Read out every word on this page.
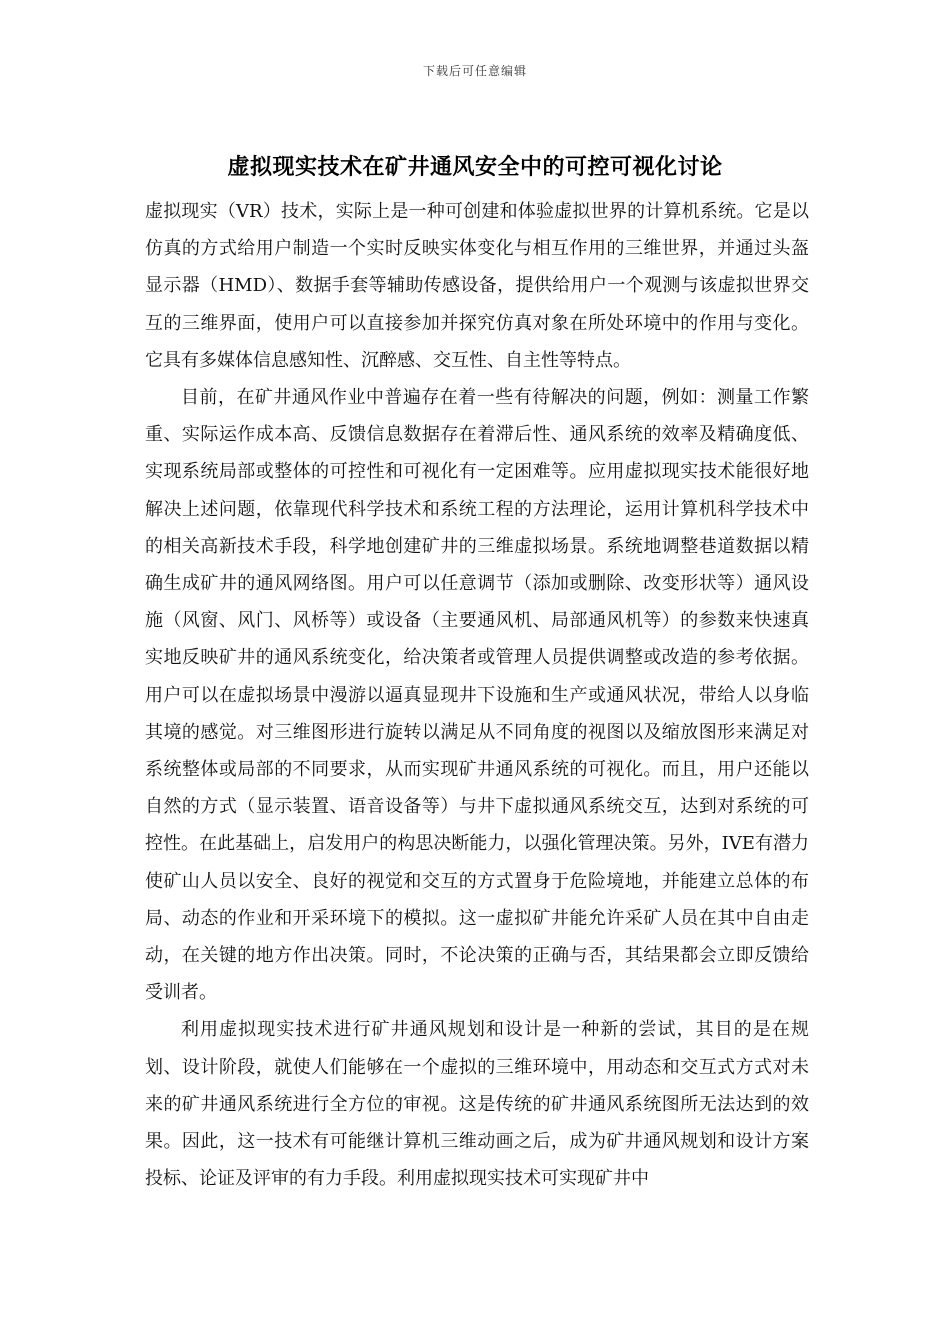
下载后可任意编辑
虚拟现实技术在矿井通风安全中的可控可视化讨论

虚拟现实（VR）技术，实际上是一种可创建和体验虚拟世界的计算机系统。它是以仿真的方式给用户制造一个实时反映实体变化与相互作用的三维世界，并通过头盔显示器（HMD）、数据手套等辅助传感设备，提供给用户一个观测与该虚拟世界交互的三维界面，使用户可以直接参加并探究仿真对象在所处环境中的作用与变化。它具有多媒体信息感知性、沉醉感、交互性、自主性等特点。

目前，在矿井通风作业中普遍存在着一些有待解决的问题，例如：测量工作繁重、实际运作成本高、反馈信息数据存在着滞后性、通风系统的效率及精确度低、实现系统局部或整体的可控性和可视化有一定困难等。应用虚拟现实技术能很好地解决上述问题，依靠现代科学技术和系统工程的方法理论，运用计算机科学技术中的相关高新技术手段，科学地创建矿井的三维虚拟场景。系统地调整巷道数据以精确生成矿井的通风网络图。用户可以任意调节（添加或删除、改变形状等）通风设施（风窗、风门、风桥等）或设备（主要通风机、局部通风机等）的参数来快速真实地反映矿井的通风系统变化，给决策者或管理人员提供调整或改造的参考依据。用户可以在虚拟场景中漫游以逼真显现井下设施和生产或通风状况，带给人以身临其境的感觉。对三维图形进行旋转以满足从不同角度的视图以及缩放图形来满足对系统整体或局部的不同要求，从而实现矿井通风系统的可视化。而且，用户还能以自然的方式（显示装置、语音设备等）与井下虚拟通风系统交互，达到对系统的可控性。在此基础上，启发用户的构思决断能力，以强化管理决策。另外，IVE有潜力使矿山人员以安全、良好的视觉和交互的方式置身于危险境地，并能建立总体的布局、动态的作业和开采环境下的模拟。这一虚拟矿井能允许采矿人员在其中自由走动，在关键的地方作出决策。同时，不论决策的正确与否，其结果都会立即反馈给受训者。

利用虚拟现实技术进行矿井通风规划和设计是一种新的尝试，其目的是在规划、设计阶段，就使人们能够在一个虚拟的三维环境中，用动态和交互式方式对未来的矿井通风系统进行全方位的审视。这是传统的矿井通风系统图所无法达到的效果。因此，这一技术有可能继计算机三维动画之后，成为矿井通风规划和设计方案投标、论证及评审的有力手段。利用虚拟现实技术可实现矿井中
